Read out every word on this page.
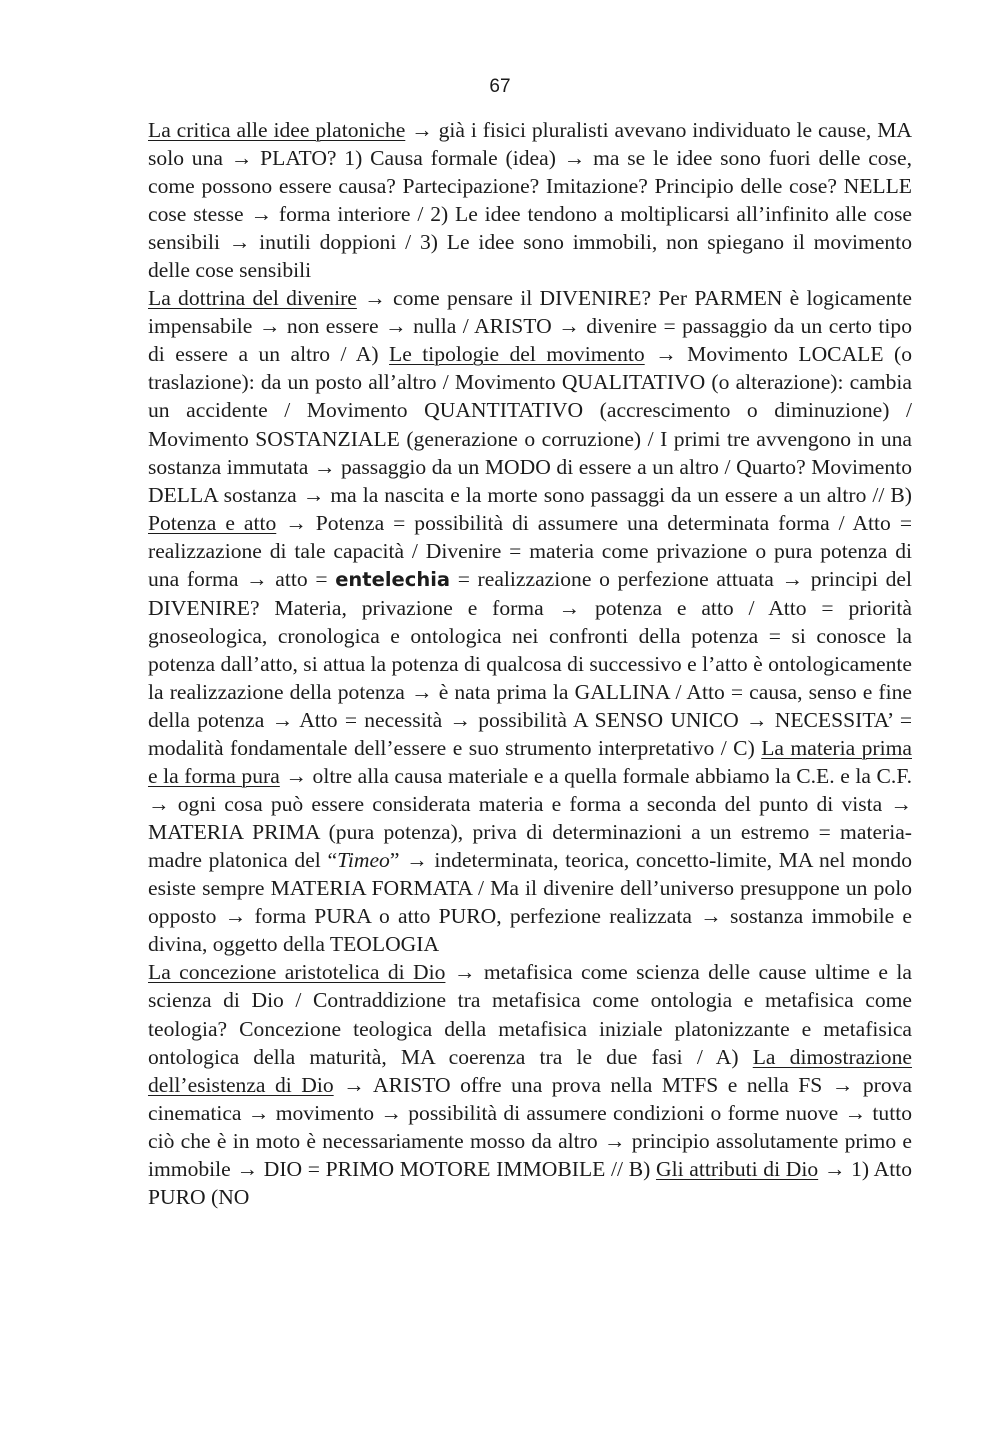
67

La critica alle idee platoniche → già i fisici pluralisti avevano individuato le cause, MA solo una → PLATO? 1) Causa formale (idea) → ma se le idee sono fuori delle cose, come possono essere causa? Partecipazione? Imitazione? Principio delle cose? NELLE cose stesse → forma interiore / 2) Le idee tendono a moltiplicarsi all’infinito alle cose sensibili → inutili doppioni / 3) Le idee sono immobili, non spiegano il movimento delle cose sensibili

La dottrina del divenire → come pensare il DIVENIRE? Per PARMEN è logicamente impensabile → non essere → nulla / ARISTO → divenire = passaggio da un certo tipo di essere a un altro / A) Le tipologie del movimento → Movimento LOCALE (o traslazione): da un posto all’altro / Movimento QUALITATIVO (o alterazione): cambia un accidente / Movimento QUANTITATIVO (accrescimento o diminuzione) / Movimento SOSTANZIALE (generazione o corruzione) / I primi tre avvengono in una sostanza immutata → passaggio da un MODO di essere a un altro / Quarto? Movimento DELLA sostanza → ma la nascita e la morte sono passaggi da un essere a un altro // B) Potenza e atto → Potenza = possibilità di assumere una determinata forma / Atto = realizzazione di tale capacità / Divenire = materia come privazione o pura potenza di una forma → atto = entelechia = realizzazione o perfezione attuata → principi del DIVENIRE? Materia, privazione e forma → potenza e atto / Atto = priorità gnoseologica, cronologica e ontologica nei confronti della potenza = si conosce la potenza dall’atto, si attua la potenza di qualcosa di successivo e l’atto è ontologicamente la realizzazione della potenza → è nata prima la GALLINA / Atto = causa, senso e fine della potenza → Atto = necessità → possibilità A SENSO UNICO → NECESSITA’ = modalità fondamentale dell’essere e suo strumento interpretativo / C) La materia prima e la forma pura → oltre alla causa materiale e a quella formale abbiamo la C.E. e la C.F. → ogni cosa può essere considerata materia e forma a seconda del punto di vista → MATERIA PRIMA (pura potenza), priva di determinazioni a un estremo = materia-madre platonica del “Timeo” → indeterminata, teorica, concetto-limite, MA nel mondo esiste sempre MATERIA FORMATA / Ma il divenire dell’universo presuppone un polo opposto → forma PURA o atto PURO, perfezione realizzata → sostanza immobile e divina, oggetto della TEOLOGIA

La concezione aristotelica di Dio → metafisica come scienza delle cause ultime e la scienza di Dio / Contraddizione tra metafisica come ontologia e metafisica come teologia? Concezione teologica della metafisica iniziale platonizzante e metafisica ontologica della maturità, MA coerenza tra le due fasi / A) La dimostrazione dell’esistenza di Dio → ARISTO offre una prova nella MTFS e nella FS → prova cinematica → movimento → possibilità di assumere condizioni o forme nuove → tutto ciò che è in moto è necessariamente mosso da altro → principio assolutamente primo e immobile → DIO = PRIMO MOTORE IMMOBILE // B) Gli attributi di Dio → 1) Atto PURO (NO
